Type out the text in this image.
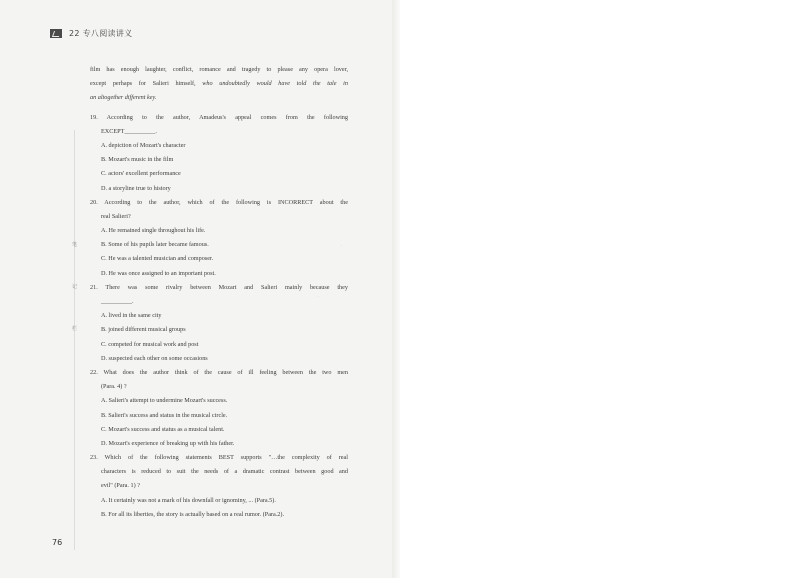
22 专八阅读讲义
笔
记
栏
film has enough laughter, conflict, romance and tragedy to please any opera lover,
except perhaps for Salieri himself, who undoubtedly would have told the tale in
an altogether different key.
19. According to the author, Amadeus's appeal comes from the following
EXCEPT__________.
A. depiction of Mozart's character
B. Mozart's music in the film
C. actors' excellent performance
D. a storyline true to history
20. According to the author, which of the following is INCORRECT about the
real Salieri?
A. He remained single throughout his life.
B. Some of his pupils later became famous.
C. He was a talented musician and composer.
D. He was once assigned to an important post.
21. There was some rivalry between Mozart and Salieri mainly because they
__________.
A. lived in the same city
B. joined different musical groups
C. competed for musical work and post
D. suspected each other on some occasions
22. What does the author think of the cause of ill feeling between the two men
(Para. 4) ?
A. Salieri's attempt to undermine Mozart's success.
B. Salieri's success and status in the musical circle.
C. Mozart's success and status as a musical talent.
D. Mozart's experience of breaking up with his father.
23. Which of the following statements BEST supports "…the complexity of real
characters is reduced to suit the needs of a dramatic contrast between good and
evil" (Para. 1) ?
A. It certainly was not a mark of his downfall or ignominy, ... (Para.5).
B. For all its liberties, the story is actually based on a real rumor. (Para.2).
·
·
76
